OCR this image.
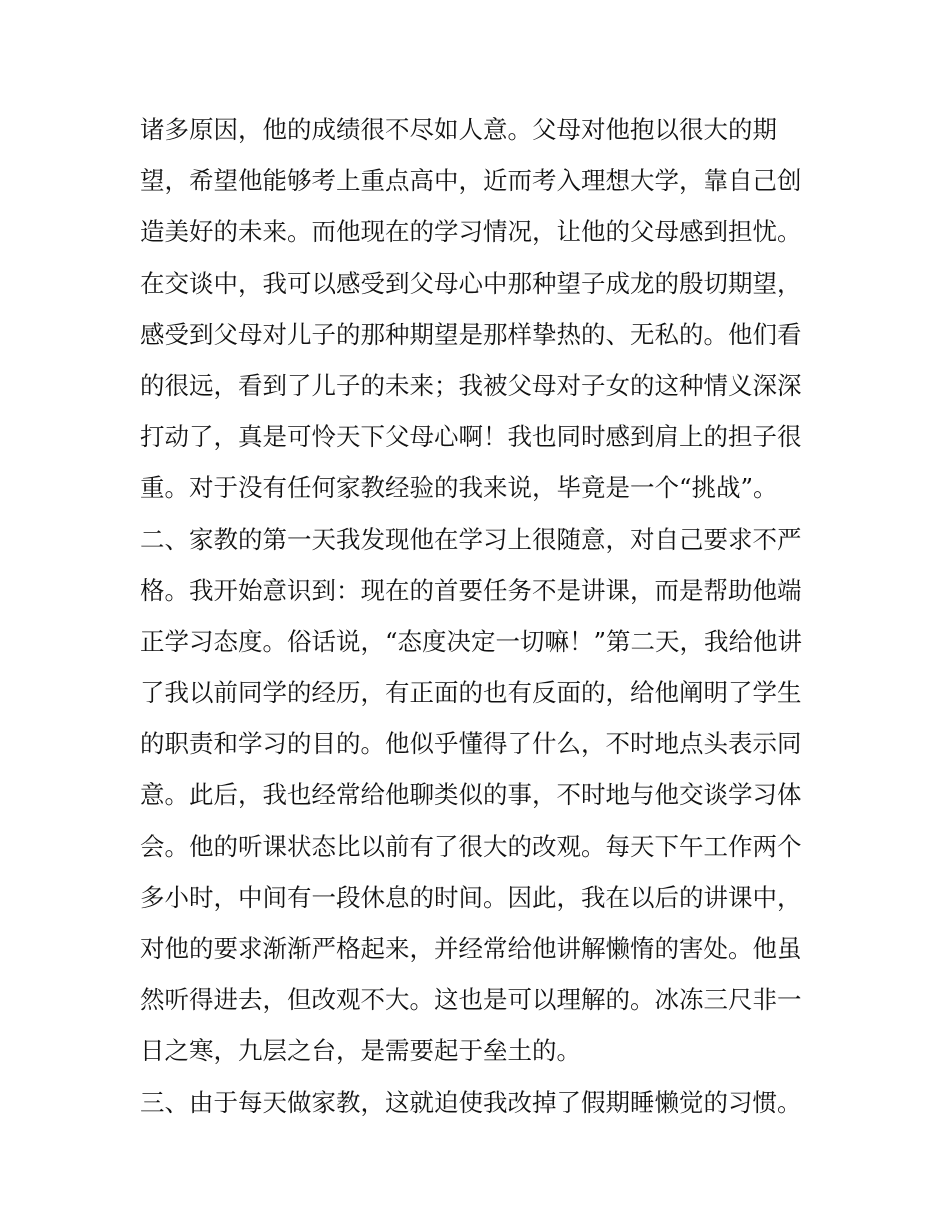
诸多原因，他的成绩很不尽如人意。父母对他抱以很大的期
望，希望他能够考上重点高中，近而考入理想大学，靠自己创
造美好的未来。而他现在的学习情况，让他的父母感到担忧。
在交谈中，我可以感受到父母心中那种望子成龙的殷切期望，
感受到父母对儿子的那种期望是那样挚热的、无私的。他们看
的很远，看到了儿子的未来；我被父母对子女的这种情义深深
打动了，真是可怜天下父母心啊！我也同时感到肩上的担子很
重。对于没有任何家教经验的我来说，毕竟是一个“挑战”。
二、家教的第一天我发现他在学习上很随意，对自己要求不严
格。我开始意识到：现在的首要任务不是讲课，而是帮助他端
正学习态度。俗话说，“态度决定一切嘛！”第二天，我给他讲
了我以前同学的经历，有正面的也有反面的，给他阐明了学生
的职责和学习的目的。他似乎懂得了什么，不时地点头表示同
意。此后，我也经常给他聊类似的事，不时地与他交谈学习体
会。他的听课状态比以前有了很大的改观。每天下午工作两个
多小时，中间有一段休息的时间。因此，我在以后的讲课中，
对他的要求渐渐严格起来，并经常给他讲解懒惰的害处。他虽
然听得进去，但改观不大。这也是可以理解的。冰冻三尺非一
日之寒，九层之台，是需要起于垒土的。
三、由于每天做家教，这就迫使我改掉了假期睡懒觉的习惯。
